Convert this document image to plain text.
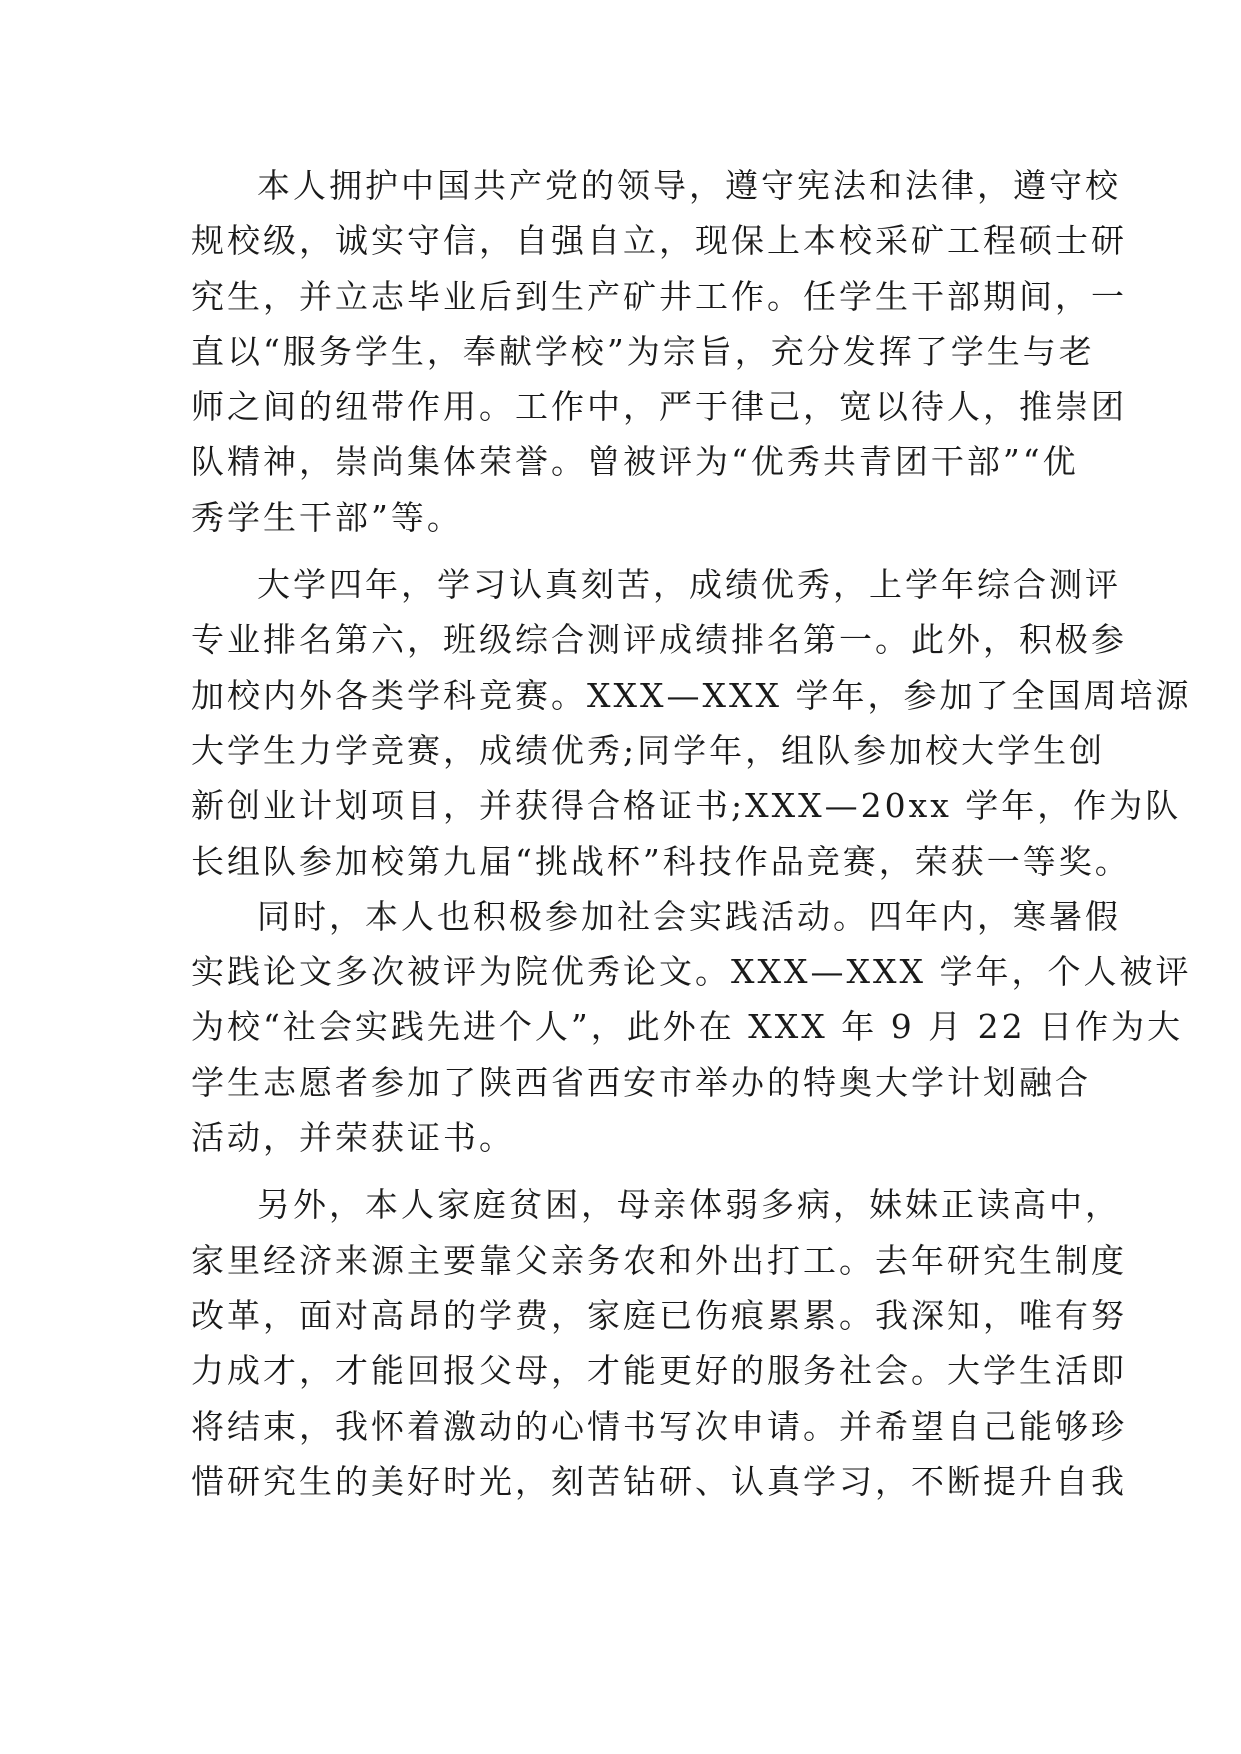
本人拥护中国共产党的领导，遵守宪法和法律，遵守校
规校级，诚实守信，自强自立，现保上本校采矿工程硕士研
究生，并立志毕业后到生产矿井工作。任学生干部期间，一
直以“服务学生，奉献学校”为宗旨，充分发挥了学生与老
师之间的纽带作用。工作中，严于律己，宽以待人，推崇团
队精神，崇尚集体荣誉。曾被评为“优秀共青团干部”“优
秀学生干部”等。
大学四年，学习认真刻苦，成绩优秀，上学年综合测评
专业排名第六，班级综合测评成绩排名第一。此外，积极参
加校内外各类学科竞赛。XXX—XXX 学年，参加了全国周培源
大学生力学竞赛，成绩优秀;同学年，组队参加校大学生创
新创业计划项目，并获得合格证书;XXX—20xx 学年，作为队
长组队参加校第九届“挑战杯”科技作品竞赛，荣获一等奖。
同时，本人也积极参加社会实践活动。四年内，寒暑假
实践论文多次被评为院优秀论文。XXX—XXX 学年，个人被评
为校“社会实践先进个人”，此外在 XXX 年 9 月 22 日作为大
学生志愿者参加了陕西省西安市举办的特奥大学计划融合
活动，并荣获证书。
另外，本人家庭贫困，母亲体弱多病，妹妹正读高中，
家里经济来源主要靠父亲务农和外出打工。去年研究生制度
改革，面对高昂的学费，家庭已伤痕累累。我深知，唯有努
力成才，才能回报父母，才能更好的服务社会。大学生活即
将结束，我怀着激动的心情书写次申请。并希望自己能够珍
惜研究生的美好时光，刻苦钻研、认真学习，不断提升自我
